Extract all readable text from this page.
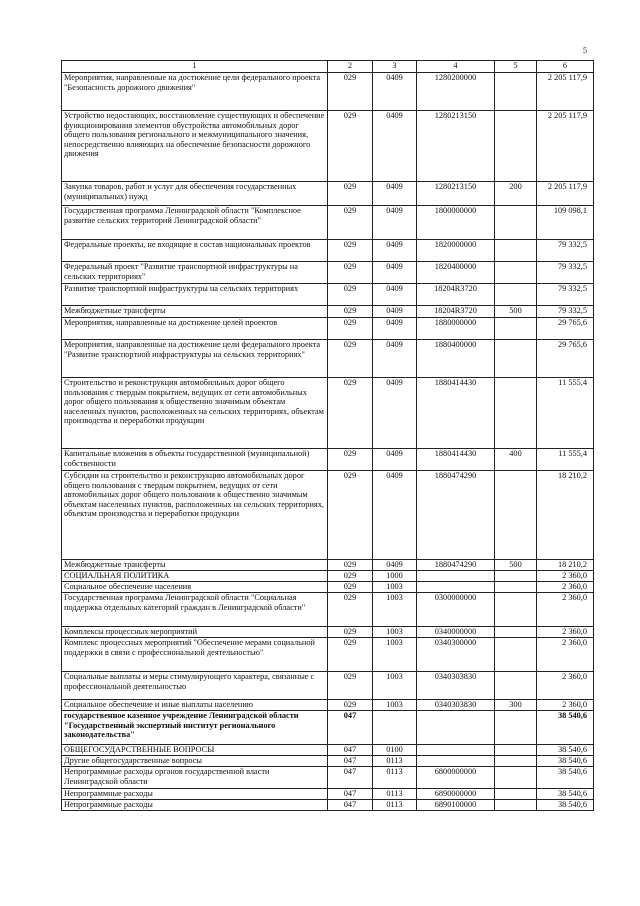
5
1	2	3	4	5	6
Мероприятия, направленные на достижение цели федерального проекта "Безопасность дорожного движения"	029	0409	1280200000		2 205 117,9
Устройство недостающих, восстановление существующих и обеспечение функционирования элементов обустройства автомобильных дорог общего пользования регионального и межмуниципального значения, непосредственно влияющих на обеспечение безопасности дорожного движения	029	0409	1280213150		2 205 117,9
Закупка товаров, работ и услуг для обеспечения государственных (муниципальных) нужд	029	0409	1280213150	200	2 205 117,9
Государственная программа Ленинградской области "Комплексное развитие сельских территорий Ленинградской области"	029	0409	1800000000		109 098,1
Федеральные проекты, не входящие в состав национальных проектов	029	0409	1820000000		79 332,5
Федеральный проект "Развитие транспортной инфраструктуры на сельских территориях"	029	0409	1820400000		79 332,5
Развитие транспортной инфраструктуры на сельских территориях	029	0409	18204R3720		79 332,5
Межбюджетные трансферты	029	0409	18204R3720	500	79 332,5
Мероприятия, направленные на достижение целей проектов	029	0409	1880000000		29 765,6
Мероприятия, направленные на достижение цели федерального проекта "Развитие транспортной инфраструктуры на сельских территориях"	029	0409	1880400000		29 765,6
Строительство и реконструкция автомобильных дорог общего пользования с твердым покрытием, ведущих от сети автомобильных дорог общего пользования к общественно значимым объектам населенных пунктов, расположенных на сельских территориях, объектам производства и переработки продукции	029	0409	1880414430		11 555,4
Капитальные вложения в объекты государственной (муниципальной) собственности	029	0409	1880414430	400	11 555,4
Субсидии на строительство и реконструкцию автомобильных дорог общего пользования с твердым покрытием, ведущих от сети автомобильных дорог общего пользования к общественно значимым объектам населенных пунктов, расположенных на сельских территориях, объектам производства и переработки продукции	029	0409	1880474290		18 210,2
Межбюджетные трансферты	029	0409	1880474290	500	18 210,2
СОЦИАЛЬНАЯ ПОЛИТИКА	029	1000			2 360,0
Социальное обеспечение населения	029	1003			2 360,0
Государственная программа Ленинградской области "Социальная поддержка отдельных категорий граждан в Ленинградской области"	029	1003	0300000000		2 360,0
Комплексы процессных мероприятий	029	1003	0340000000		2 360,0
Комплекс процессных мероприятий "Обеспечение мерами социальной поддержки в связи с профессиональной деятельностью"	029	1003	0340300000		2 360,0
Социальные выплаты и меры стимулирующего характера, связанные с профессиональной деятельностью	029	1003	0340303830		2 360,0
Социальное обеспечение и иные выплаты населению	029	1003	0340303830	300	2 360,0
государственное казенное учреждение Ленинградской области "Государственный экспертный институт регионального законодательства"	047				38 540,6
ОБЩЕГОСУДАРСТВЕННЫЕ ВОПРОСЫ	047	0100			38 540,6
Другие общегосударственные вопросы	047	0113			38 540,6
Непрограммные расходы органов государственной власти Ленинградской области	047	0113	6800000000		38 540,6
Непрограммные расходы	047	0113	6890000000		38 540,6
Непрограммные расходы	047	0113	6890100000		38 540,6
